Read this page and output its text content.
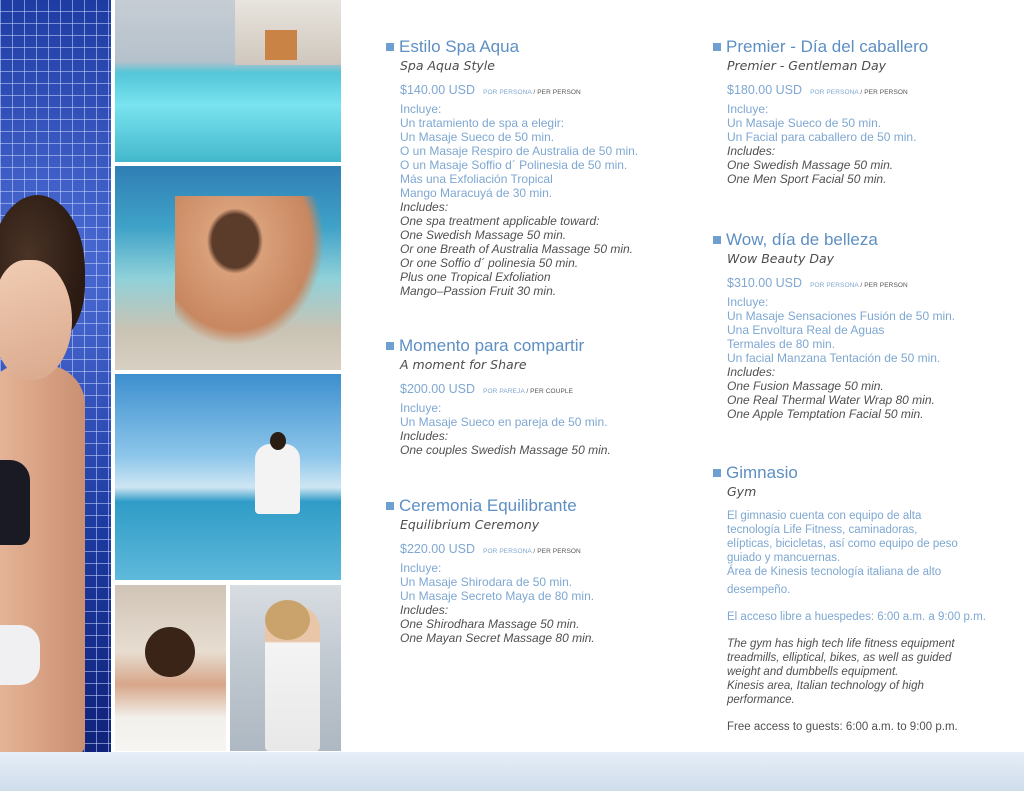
Estilo Spa Aqua
Spa Aqua Style
$140.00 USD POR PERSONA / PER PERSON
Incluye:
Un tratamiento de spa a elegir:
Un Masaje Sueco de 50 min.
O un Masaje Respiro de Australia de 50 min.
O un Masaje Soffio d´ Polinesia de 50 min.
Más una Exfoliación Tropical
Mango Maracuyá de 30 min.
Includes:
One spa treatment applicable toward:
One Swedish Massage 50 min.
Or one Breath of Australia Massage 50 min.
Or one Soffio d´ polinesia 50 min.
Plus one Tropical Exfoliation
Mango–Passion Fruit 30 min.
Momento para compartir
A moment for Share
$200.00 USD POR PAREJA / PER COUPLE
Incluye:
Un Masaje Sueco en pareja de 50 min.
Includes:
One couples Swedish Massage 50 min.
Ceremonia Equilibrante
Equilibrium Ceremony
$220.00 USD POR PERSONA / PER PERSON
Incluye:
Un Masaje Shirodara de 50 min.
Un Masaje Secreto Maya de 80 min.
Includes:
One Shirodhara Massage 50 min.
One Mayan Secret Massage 80 min.
Premier - Día del caballero
Premier - Gentleman Day
$180.00 USD POR PERSONA / PER PERSON
Incluye:
Un Masaje Sueco de 50 min.
Un Facial para caballero de 50 min.
Includes:
One Swedish Massage 50 min.
One Men Sport Facial 50 min.
Wow, día de belleza
Wow Beauty Day
$310.00 USD POR PERSONA / PER PERSON
Incluye:
Un Masaje Sensaciones Fusión de 50 min.
Una Envoltura Real de Aguas
Termales de 80 min.
Un facial Manzana Tentación de 50 min.
Includes:
One Fusion Massage 50 min.
One Real Thermal Water Wrap 80 min.
One Apple Temptation Facial 50 min.
Gimnasio
Gym
El gimnasio cuenta con equipo de alta
tecnología Life Fitness, caminadoras,
elípticas, bicicletas, así como equipo de peso
guiado y mancuernas.
Área de Kinesis tecnología italiana de alto
desempeño.
El acceso libre a huespedes: 6:00 a.m. a 9:00 p.m.
The gym has high tech life fitness equipment
treadmills, elliptical, bikes, as well as guided
weight and dumbbells equipment.
Kinesis area, Italian technology of high
performance.
Free access to guests: 6:00 a.m. to 9:00 p.m.
